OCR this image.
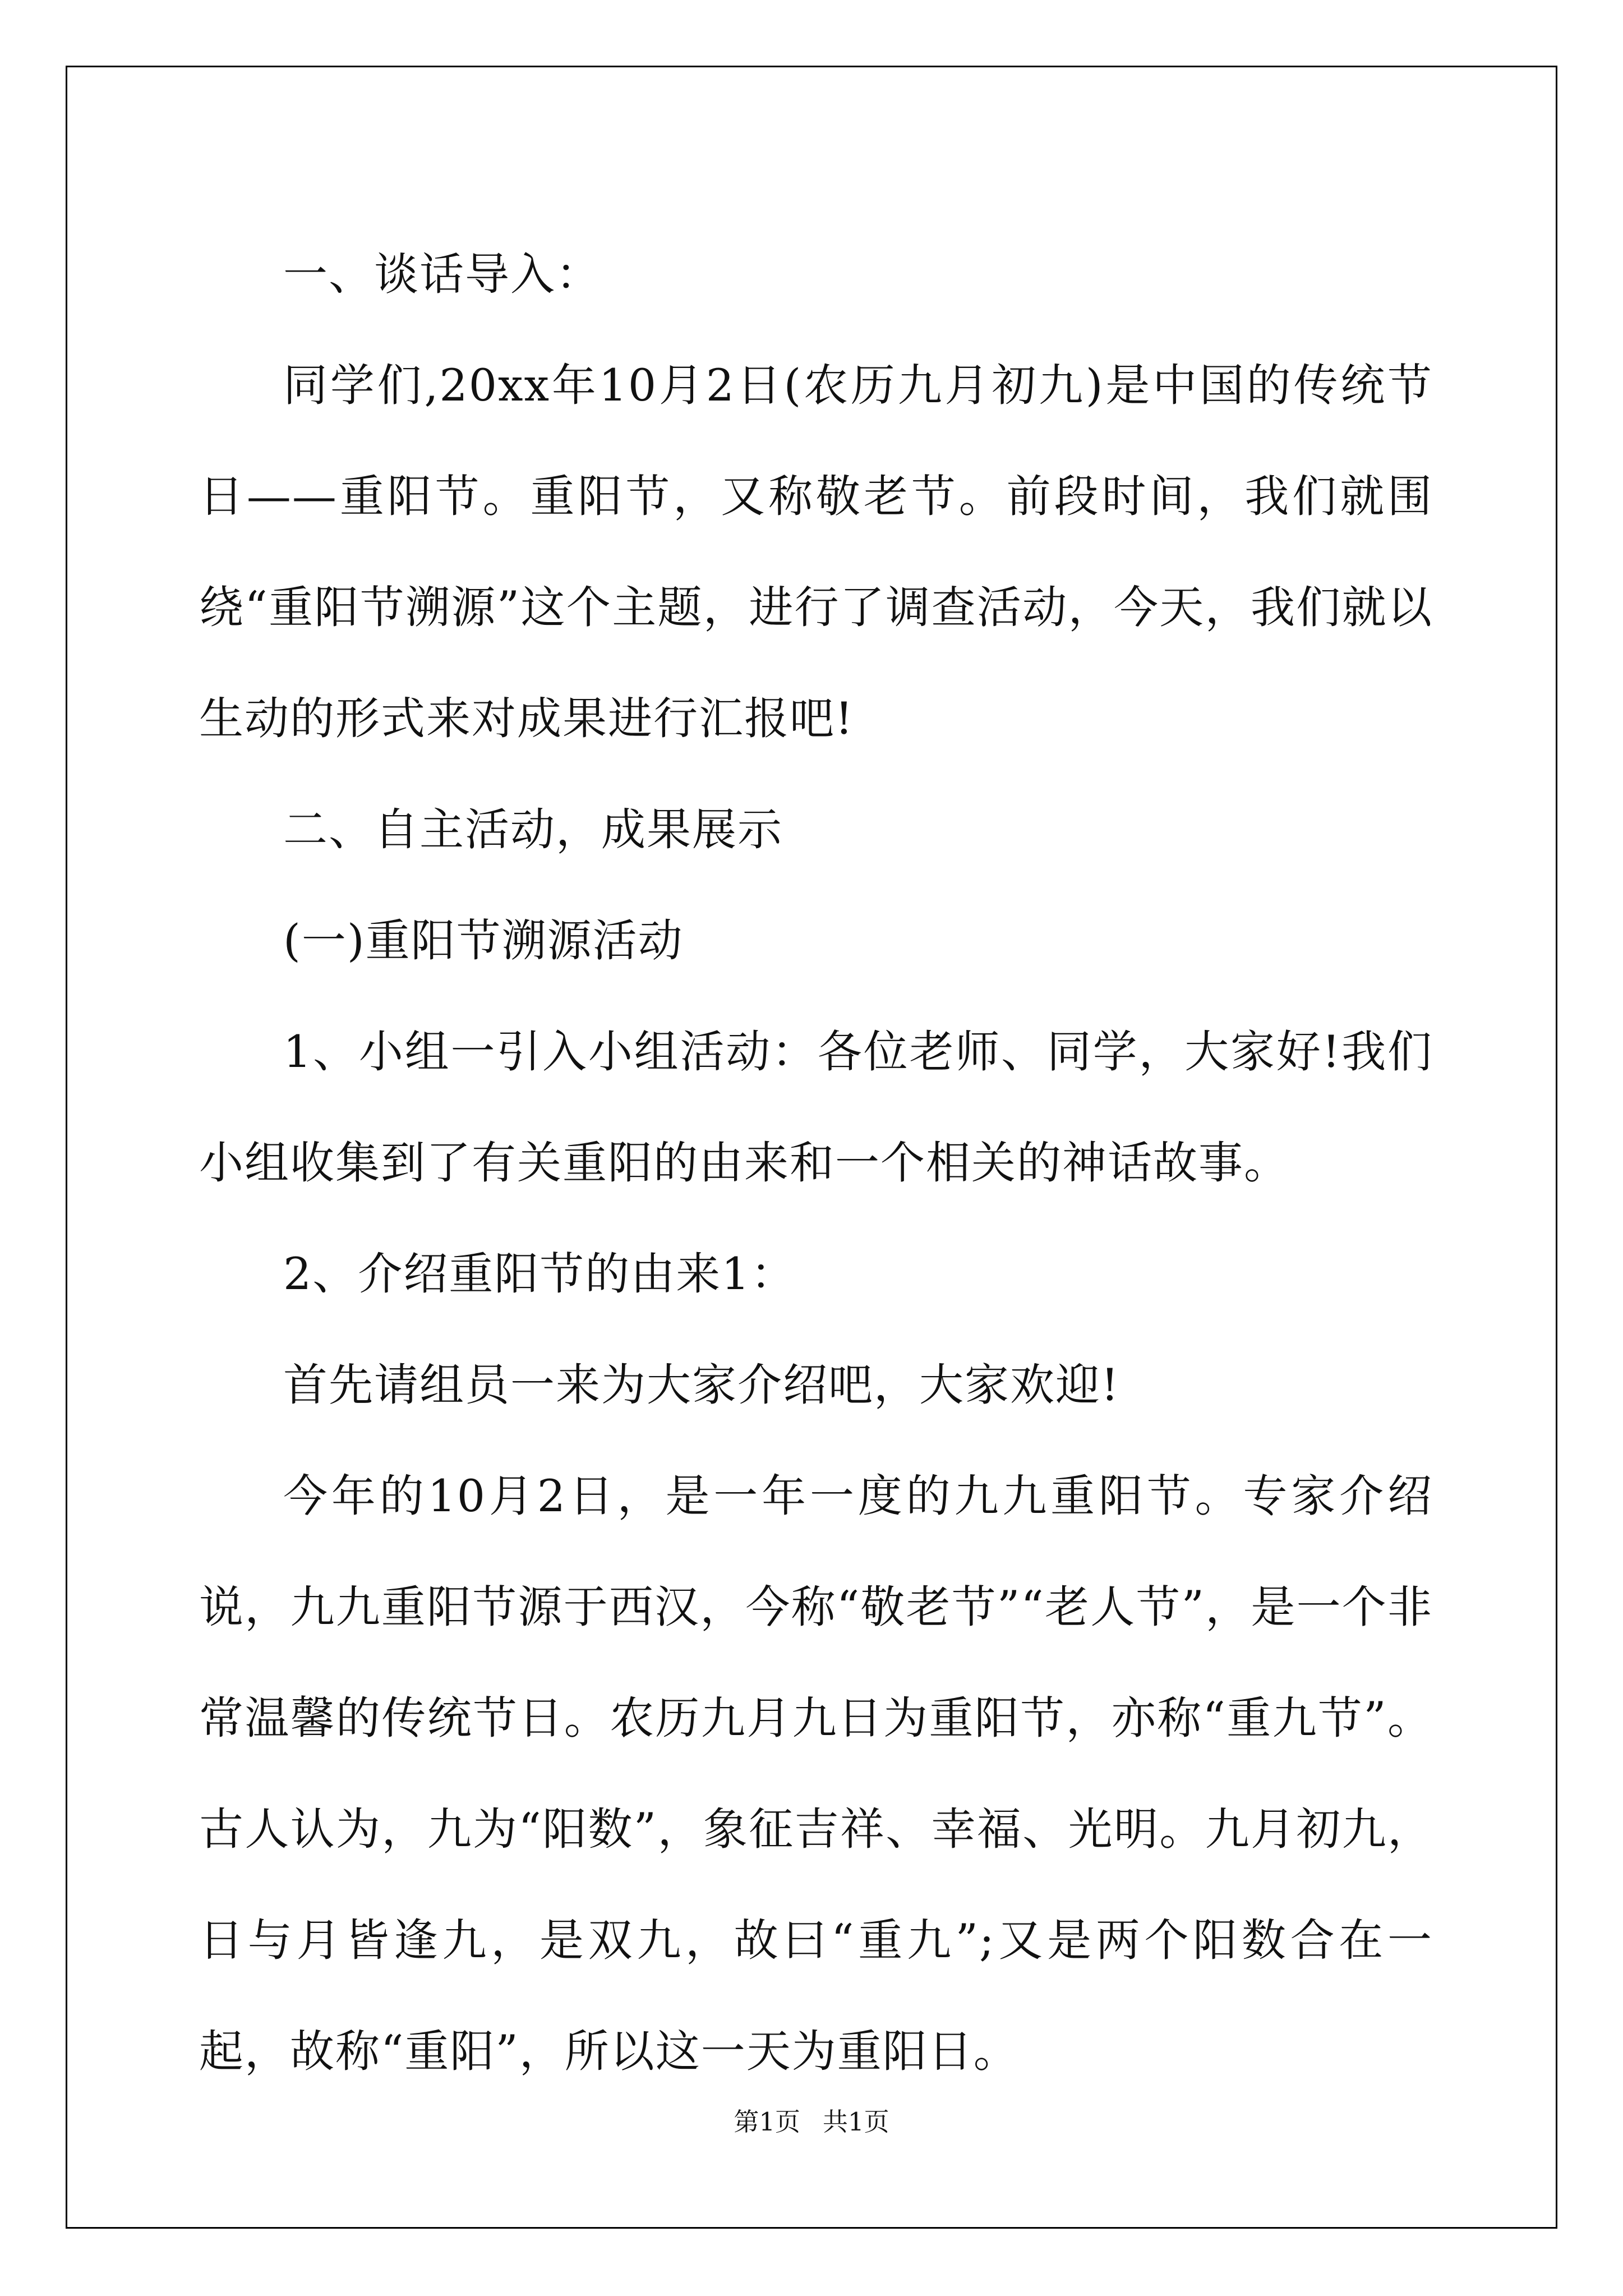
一、谈话导入：

同学们,20xx年10月2日(农历九月初九)是中国的传统节日——重阳节。重阳节，又称敬老节。前段时间，我们就围绕“重阳节溯源”这个主题，进行了调查活动，今天，我们就以生动的形式来对成果进行汇报吧!

二、自主活动，成果展示

(一)重阳节溯源活动

1、小组一引入小组活动：各位老师、同学，大家好!我们小组收集到了有关重阳的由来和一个相关的神话故事。

2、介绍重阳节的由来1：

首先请组员一来为大家介绍吧，大家欢迎!

今年的10月2日，是一年一度的九九重阳节。专家介绍说，九九重阳节源于西汉，今称“敬老节”“老人节”，是一个非常温馨的传统节日。农历九月九日为重阳节，亦称“重九节”。古人认为，九为“阳数”，象征吉祥、幸福、光明。九月初九，日与月皆逢九，是双九，故曰“重九”;又是两个阳数合在一起，故称“重阳”，所以这一天为重阳日。

第1页 共1页
